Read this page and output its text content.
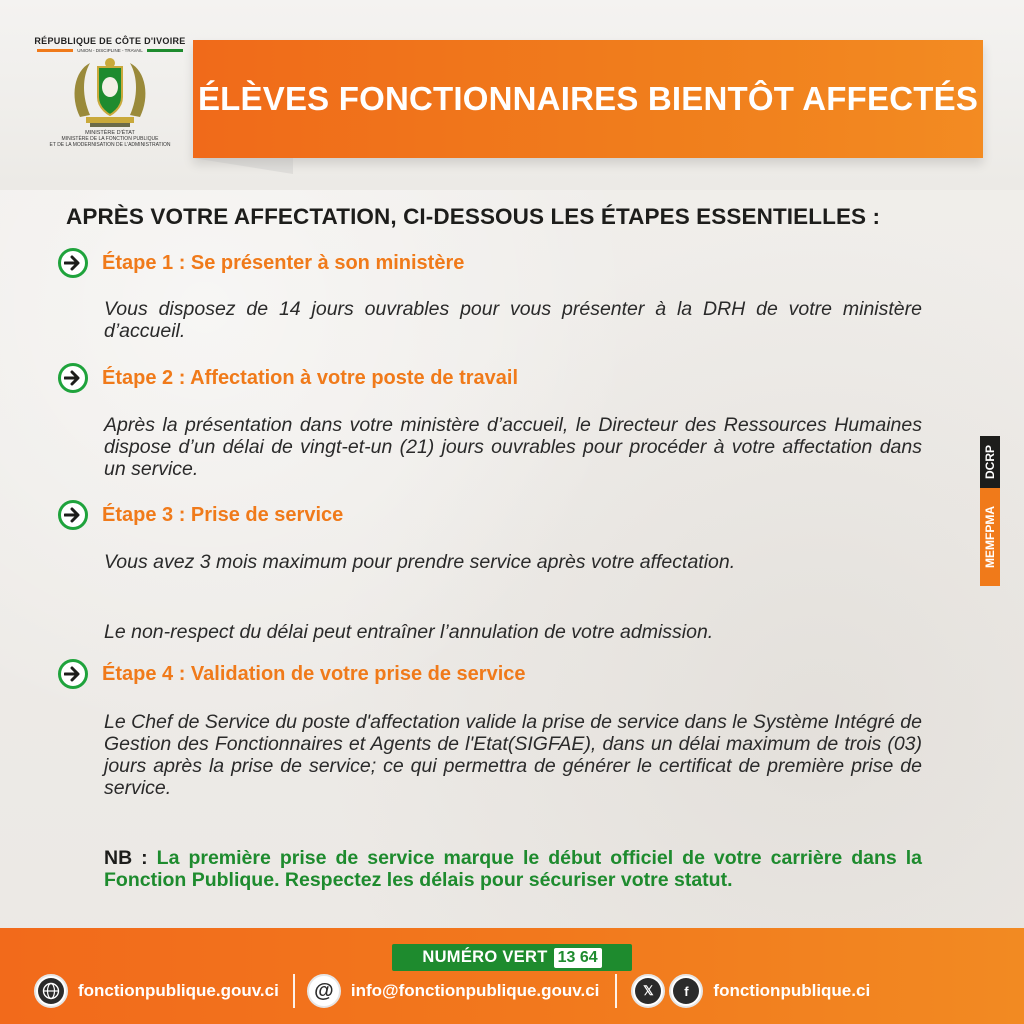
RÉPUBLIQUE DE CÔTE D'IVOIRE
UNION - DISCIPLINE - TRAVAIL
MINISTÈRE D'ÉTAT
MINISTÈRE DE LA FONCTION PUBLIQUE
ET DE LA MODERNISATION DE L'ADMINISTRATION
ÉLÈVES FONCTIONNAIRES BIENTÔT AFFECTÉS
APRÈS VOTRE AFFECTATION, CI-DESSOUS LES ÉTAPES ESSENTIELLES :
Étape 1 : Se présenter à son ministère
Vous disposez de 14 jours ouvrables pour vous présenter à la DRH de votre ministère d’accueil.
Étape 2 : Affectation à votre poste de travail
Après la présentation dans votre ministère d’accueil, le Directeur des Ressources Humaines dispose d’un délai de vingt-et-un (21) jours ouvrables pour procéder à votre affectation dans un service.
Étape 3 : Prise de service
Vous avez 3 mois maximum pour prendre service après votre affectation.
Le non-respect du délai peut entraîner l’annulation de votre admission.
Étape 4 : Validation de votre prise de service
Le Chef de Service du poste d'affectation valide la prise de service dans le Système Intégré de Gestion des Fonctionnaires et Agents de l'Etat(SIGFAE), dans un délai maximum de trois (03) jours après la prise de service; ce qui permettra de générer le certificat de première prise de service.
NB : La première prise de service marque le début officiel de votre carrière dans la Fonction Publique. Respectez les délais pour sécuriser votre statut.
DCRP
MEMFPMA
NUMÉRO VERT 13 64
fonctionpublique.gouv.ci @ info@fonctionpublique.gouv.ci	𝕏	f	fonctionpublique.ci
